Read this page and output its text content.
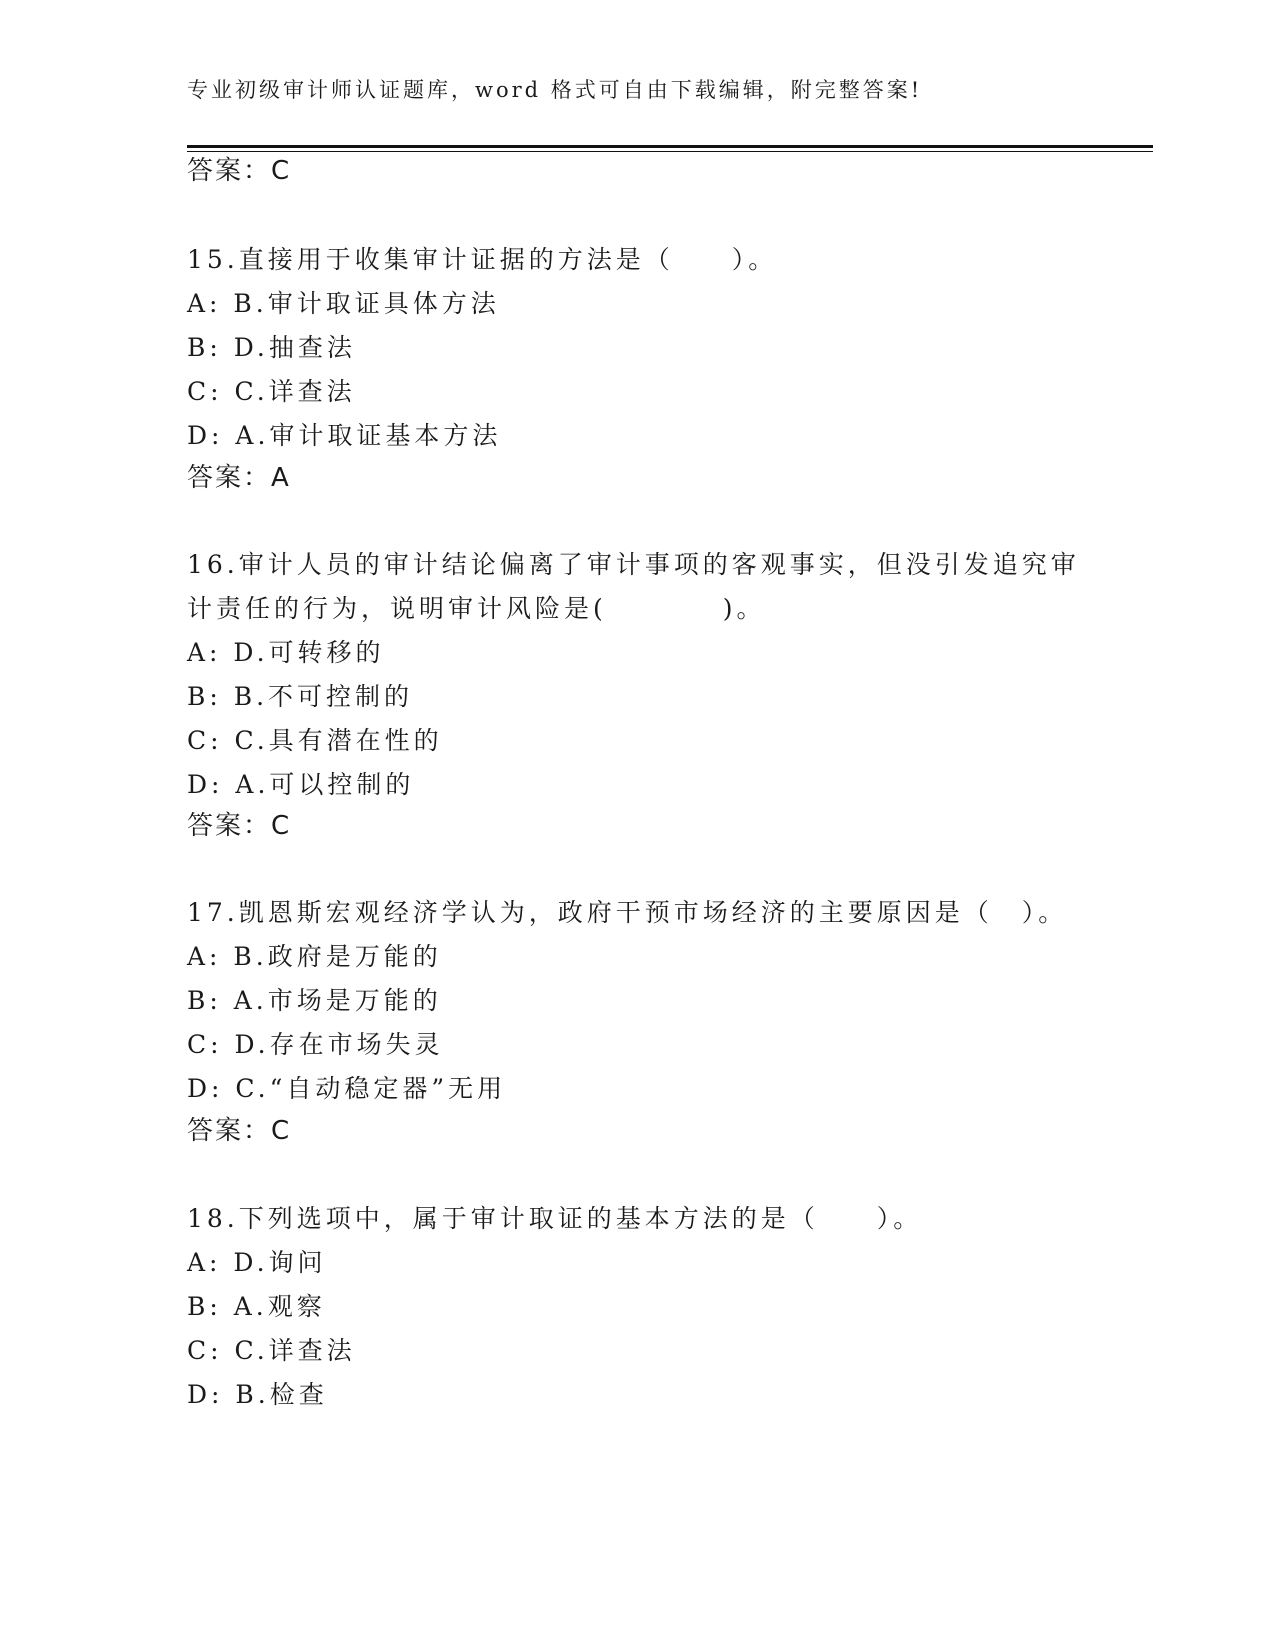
专业初级审计师认证题库，word 格式可自由下载编辑，附完整答案!
答案：C
15.直接用于收集审计证据的方法是（　　）。
A: B.审计取证具体方法
B: D.抽查法
C: C.详查法
D: A.审计取证基本方法
答案：A
16.审计人员的审计结论偏离了审计事项的客观事实，但没引发追究审
计责任的行为，说明审计风险是(　　　　)。
A: D.可转移的
B: B.不可控制的
C: C.具有潜在性的
D: A.可以控制的
答案：C
17.凯恩斯宏观经济学认为，政府干预市场经济的主要原因是（　）。
A: B.政府是万能的
B: A.市场是万能的
C: D.存在市场失灵
D: C.“自动稳定器”无用
答案：C
18.下列选项中，属于审计取证的基本方法的是（　　）。
A: D.询问
B: A.观察
C: C.详查法
D: B.检查
